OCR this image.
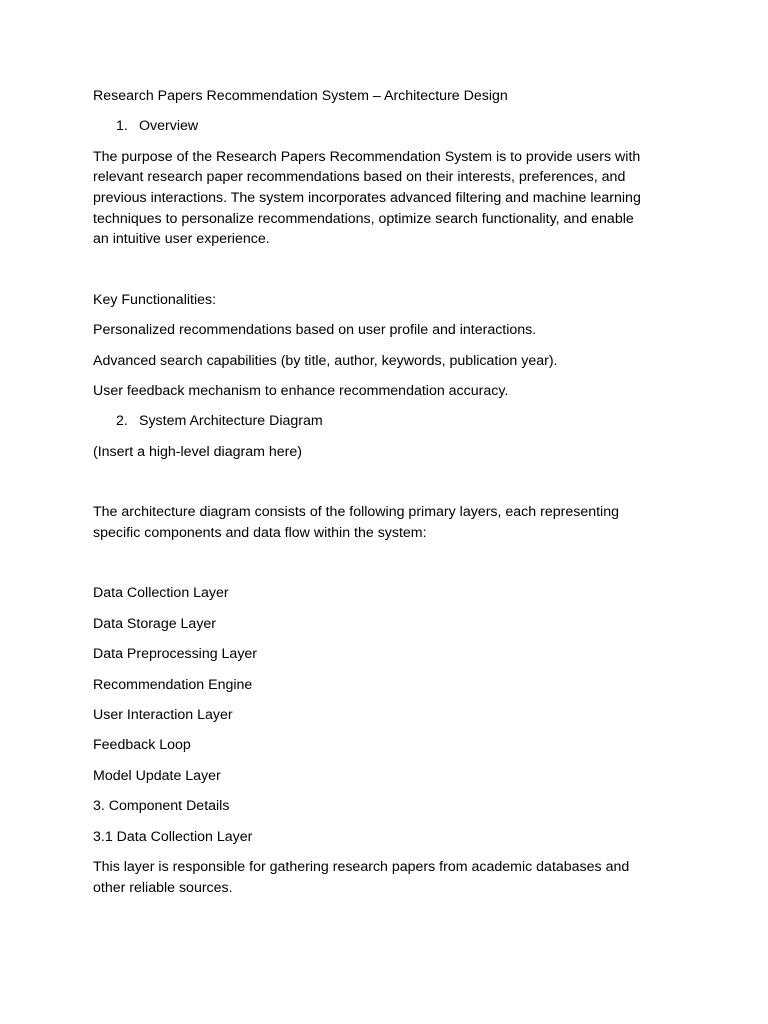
Research Papers Recommendation System – Architecture Design

1. Overview

The purpose of the Research Papers Recommendation System is to provide users with
relevant research paper recommendations based on their interests, preferences, and
previous interactions. The system incorporates advanced filtering and machine learning
techniques to personalize recommendations, optimize search functionality, and enable
an intuitive user experience.

Key Functionalities:

Personalized recommendations based on user profile and interactions.

Advanced search capabilities (by title, author, keywords, publication year).

User feedback mechanism to enhance recommendation accuracy.

2. System Architecture Diagram

(Insert a high-level diagram here)

The architecture diagram consists of the following primary layers, each representing
specific components and data flow within the system:

Data Collection Layer

Data Storage Layer

Data Preprocessing Layer

Recommendation Engine

User Interaction Layer

Feedback Loop

Model Update Layer

3. Component Details

3.1 Data Collection Layer

This layer is responsible for gathering research papers from academic databases and
other reliable sources.
